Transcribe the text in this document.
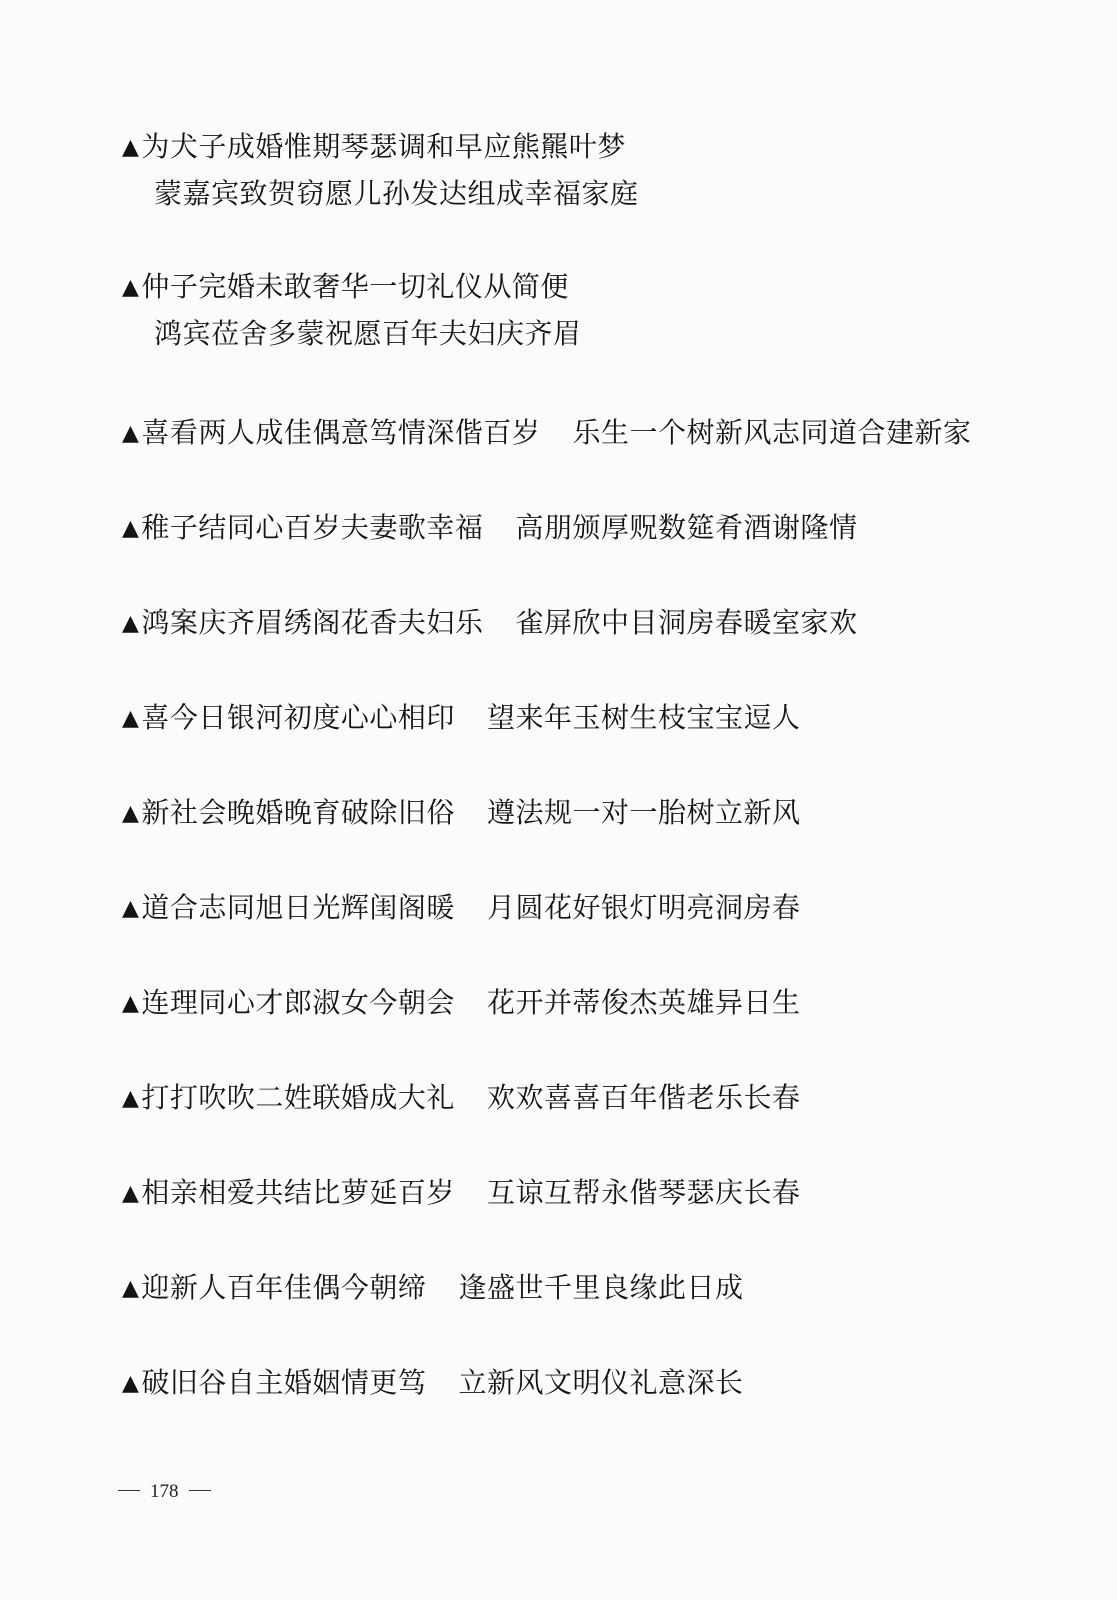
▲为犬子成婚惟期琴瑟调和早应熊羆叶梦
蒙嘉宾致贺窃愿儿孙发达组成幸福家庭
▲仲子完婚未敢奢华一切礼仪从简便
鸿宾莅舍多蒙祝愿百年夫妇庆齐眉
▲喜看两人成佳偶意笃情深偕百岁 乐生一个树新风志同道合建新家
▲稚子结同心百岁夫妻歌幸福 高朋颁厚贶数筵肴酒谢隆情
▲鸿案庆齐眉绣阁花香夫妇乐 雀屏欣中目洞房春暖室家欢
▲喜今日银河初度心心相印 望来年玉树生枝宝宝逗人
▲新社会晚婚晚育破除旧俗 遵法规一对一胎树立新风
▲道合志同旭日光辉闺阁暖 月圆花好银灯明亮洞房春
▲连理同心才郎淑女今朝会 花开并蒂俊杰英雄异日生
▲打打吹吹二姓联婚成大礼 欢欢喜喜百年偕老乐长春
▲相亲相爱共结比萝延百岁 互谅互帮永偕琴瑟庆长春
▲迎新人百年佳偶今朝缔 逢盛世千里良缘此日成
▲破旧谷自主婚姻情更笃 立新风文明仪礼意深长
178
